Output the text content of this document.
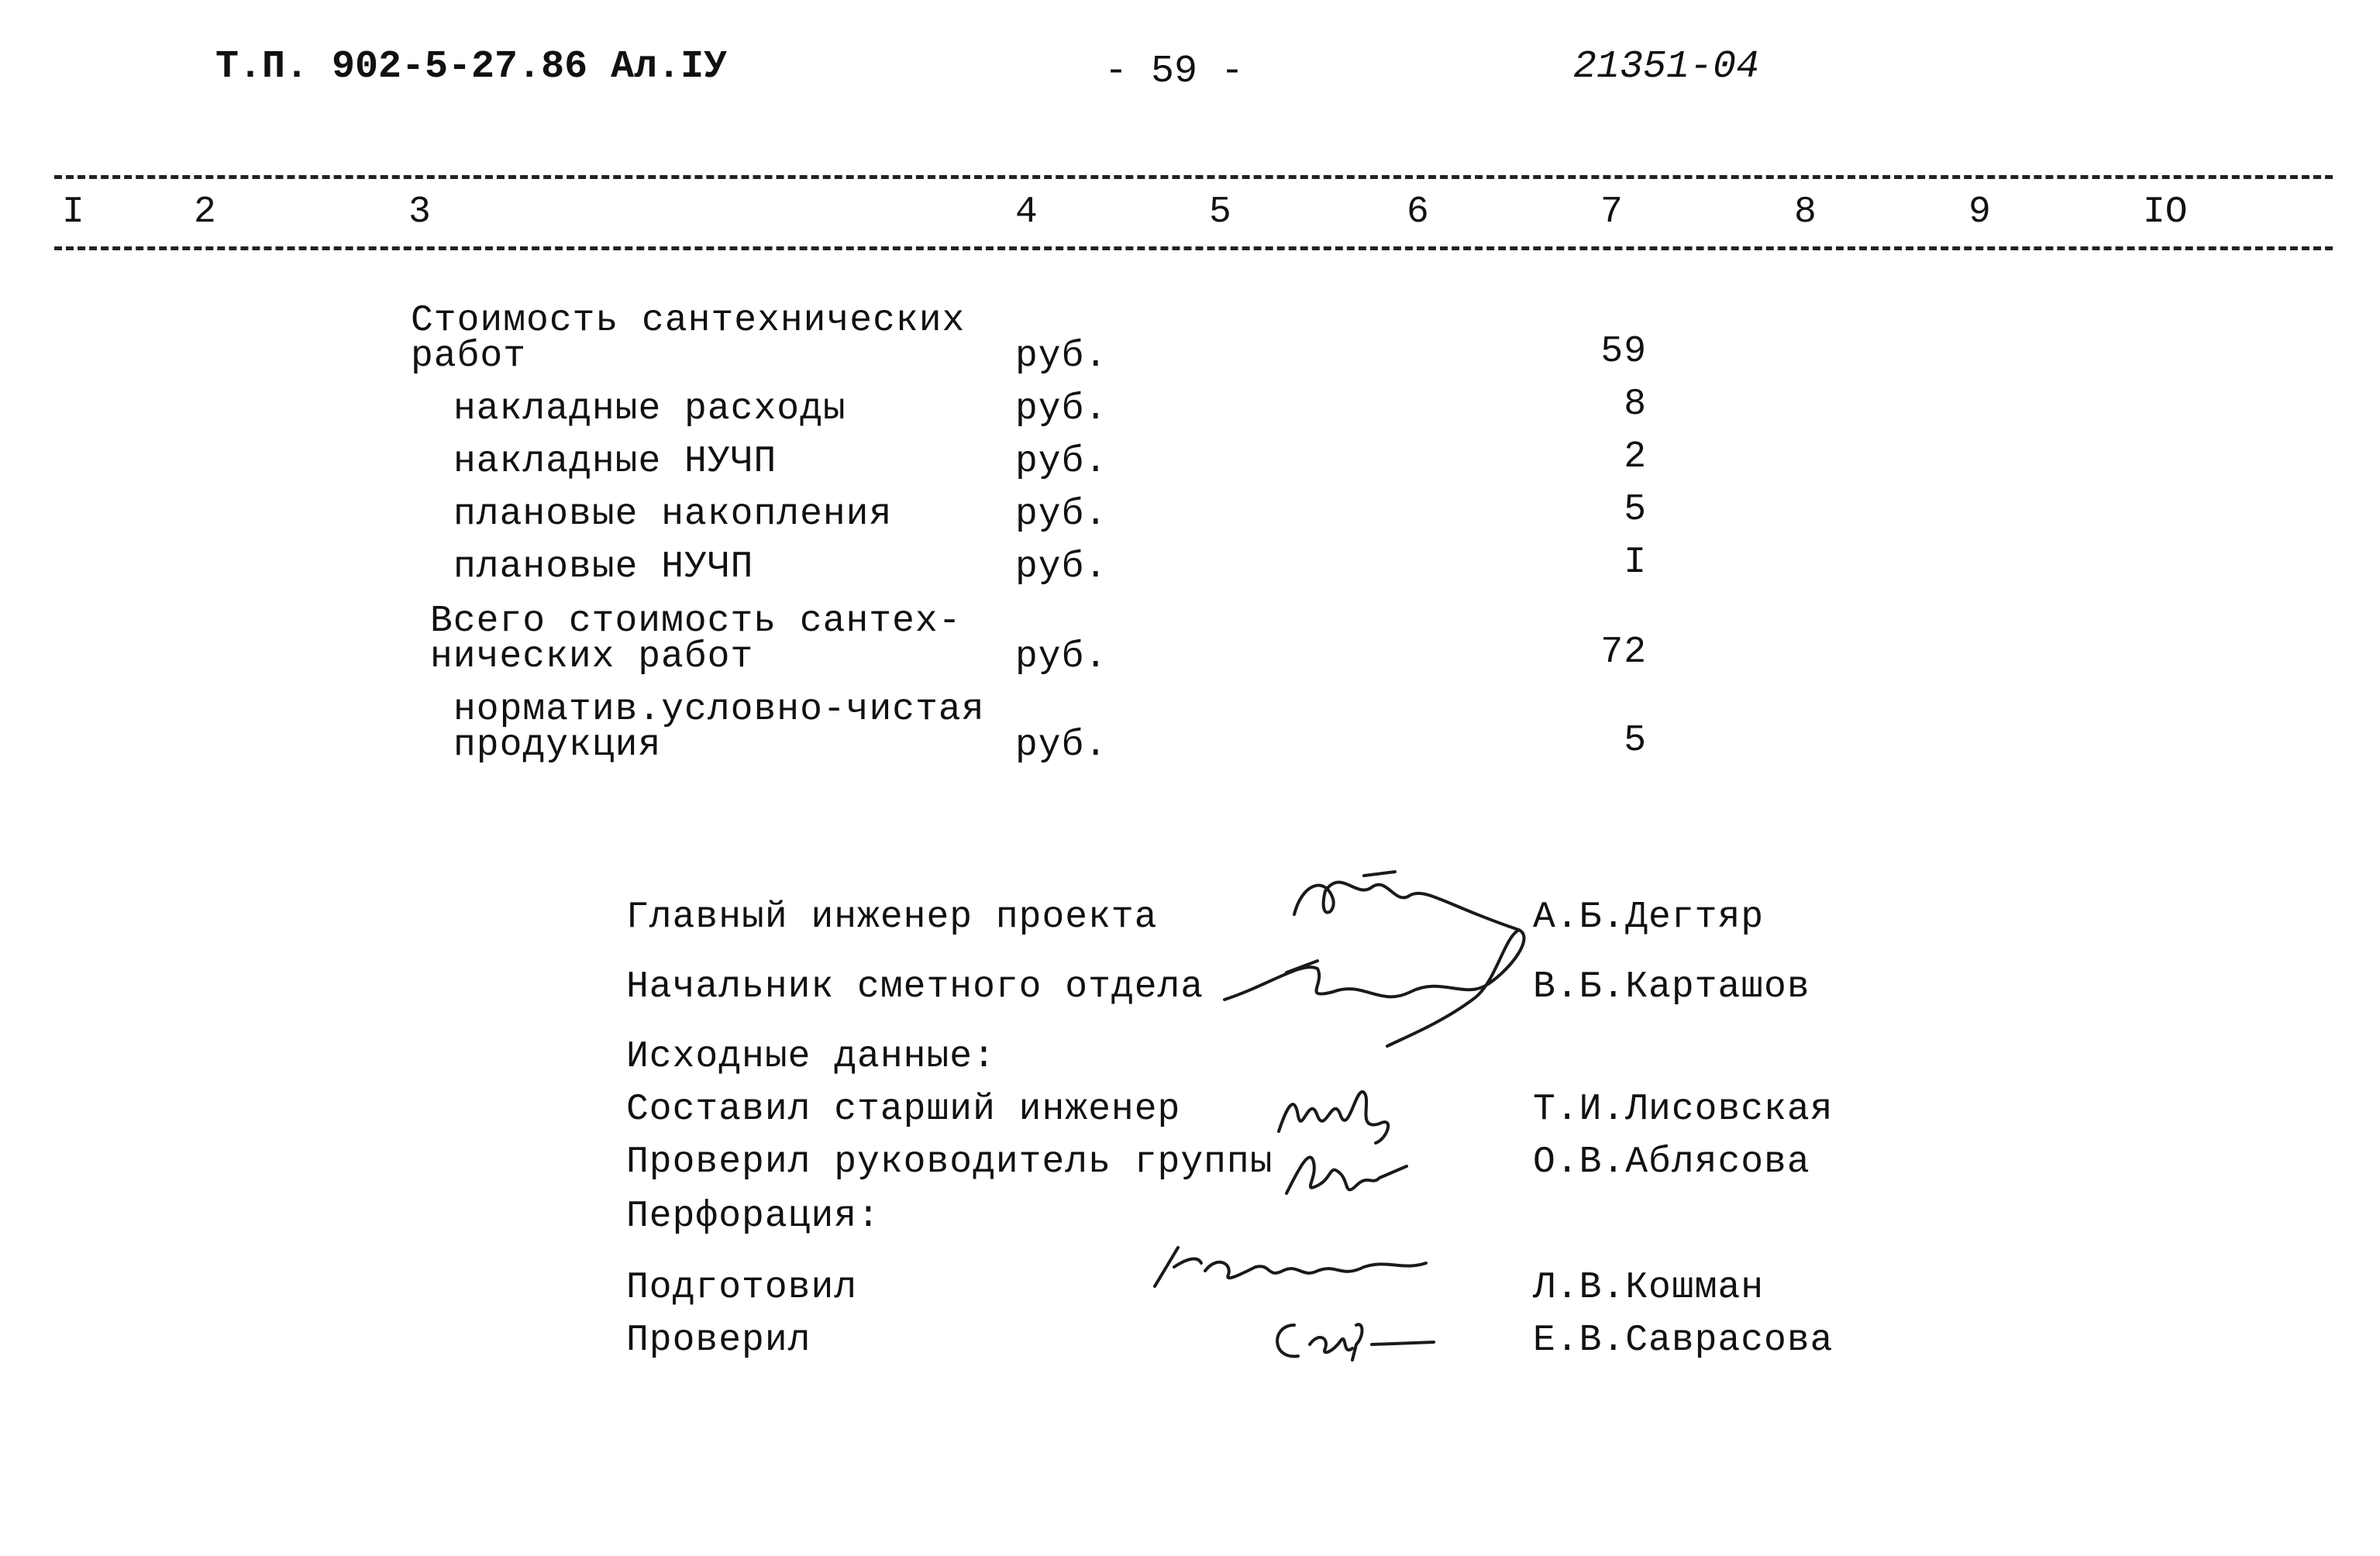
Т.П. 902-5-27.86 Ал.IУ	- 59 -	21351-04
I	2	3	4	5	6	7	8	9	IO
Стоимость сантехнических
работ	руб.	59
накладные расходы	руб.	8
накладные НУЧП	руб.	2
плановые накопления	руб.	5
плановые НУЧП	руб.	I
Всего стоимость сантех-
нических работ	руб.	72
норматив.условно-чистая
продукция	руб.	5
Главный инженер проекта	А.Б.Дегтяр
Начальник сметного отдела	В.Б.Карташов
Исходные данные:
Составил старший инженер	Т.И.Лисовская
Проверил руководитель группы	О.В.Аблясова
Перфорация:
Подготовил	Л.В.Кошман
Проверил	Е.В.Саврасова
